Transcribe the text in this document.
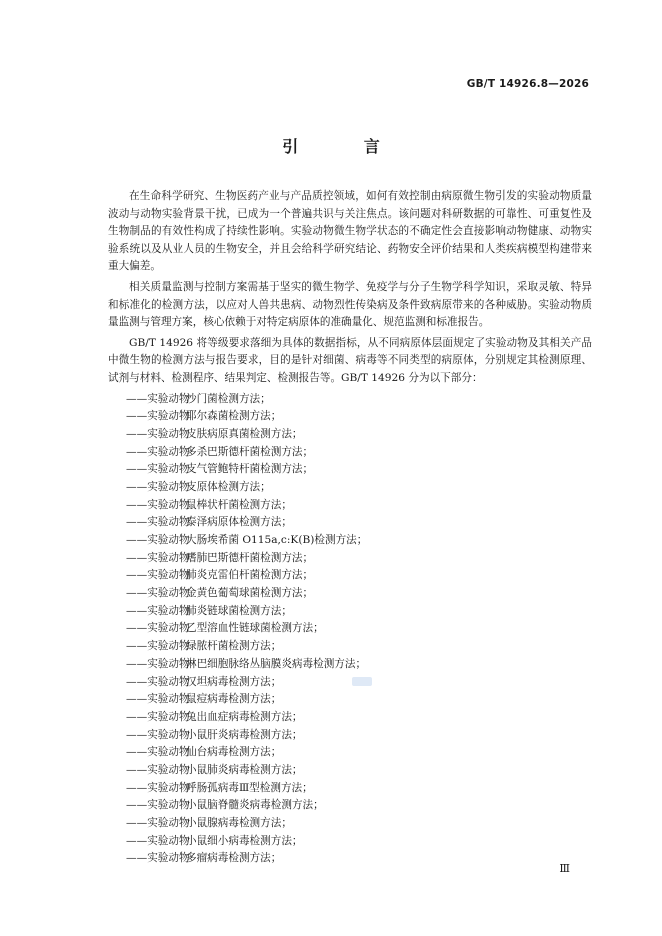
GB/T 14926.8—2026
引 言

在生命科学研究、生物医药产业与产品质控领域，如何有效控制由病原微生物引发的实验动物质量波动与动物实验背景干扰，已成为一个普遍共识与关注焦点。该问题对科研数据的可靠性、可重复性及生物制品的有效性构成了持续性影响。实验动物微生物学状态的不确定性会直接影响动物健康、动物实验系统以及从业人员的生物安全，并且会给科学研究结论、药物安全评价结果和人类疾病模型构建带来重大偏差。

相关质量监测与控制方案需基于坚实的微生物学、免疫学与分子生物学科学知识，采取灵敏、特异和标准化的检测方法，以应对人兽共患病、动物烈性传染病及条件致病原带来的各种威胁。实验动物质量监测与管理方案，核心依赖于对特定病原体的准确量化、规范监测和标准报告。

GB/T 14926 将等级要求落细为具体的数据指标，从不同病原体层面规定了实验动物及其相关产品中微生物的检测方法与报告要求，目的是针对细菌、病毒等不同类型的病原体，分别规定其检测原理、试剂与材料、检测程序、结果判定、检测报告等。GB/T 14926 分为以下部分：

——实验动物沙门菌检测方法；
——实验动物耶尔森菌检测方法；
——实验动物皮肤病原真菌检测方法；
——实验动物多杀巴斯德杆菌检测方法；
——实验动物支气管鲍特杆菌检测方法；
——实验动物支原体检测方法；
——实验动物鼠棒状杆菌检测方法；
——实验动物泰泽病原体检测方法；
——实验动物大肠埃希菌 O115a,c:K(B)检测方法；
——实验动物嗜肺巴斯德杆菌检测方法；
——实验动物肺炎克雷伯杆菌检测方法；
——实验动物金黄色葡萄球菌检测方法；
——实验动物肺炎链球菌检测方法；
——实验动物乙型溶血性链球菌检测方法；
——实验动物绿脓杆菌检测方法；
——实验动物淋巴细胞脉络丛脑膜炎病毒检测方法；
——实验动物汉坦病毒检测方法；
——实验动物鼠痘病毒检测方法；
——实验动物兔出血症病毒检测方法；
——实验动物小鼠肝炎病毒检测方法；
——实验动物仙台病毒检测方法；
——实验动物小鼠肺炎病毒检测方法；
——实验动物呼肠孤病毒Ⅲ型检测方法；
——实验动物小鼠脑脊髓炎病毒检测方法；
——实验动物小鼠腺病毒检测方法；
——实验动物小鼠细小病毒检测方法；
——实验动物多瘤病毒检测方法；
Ⅲ
